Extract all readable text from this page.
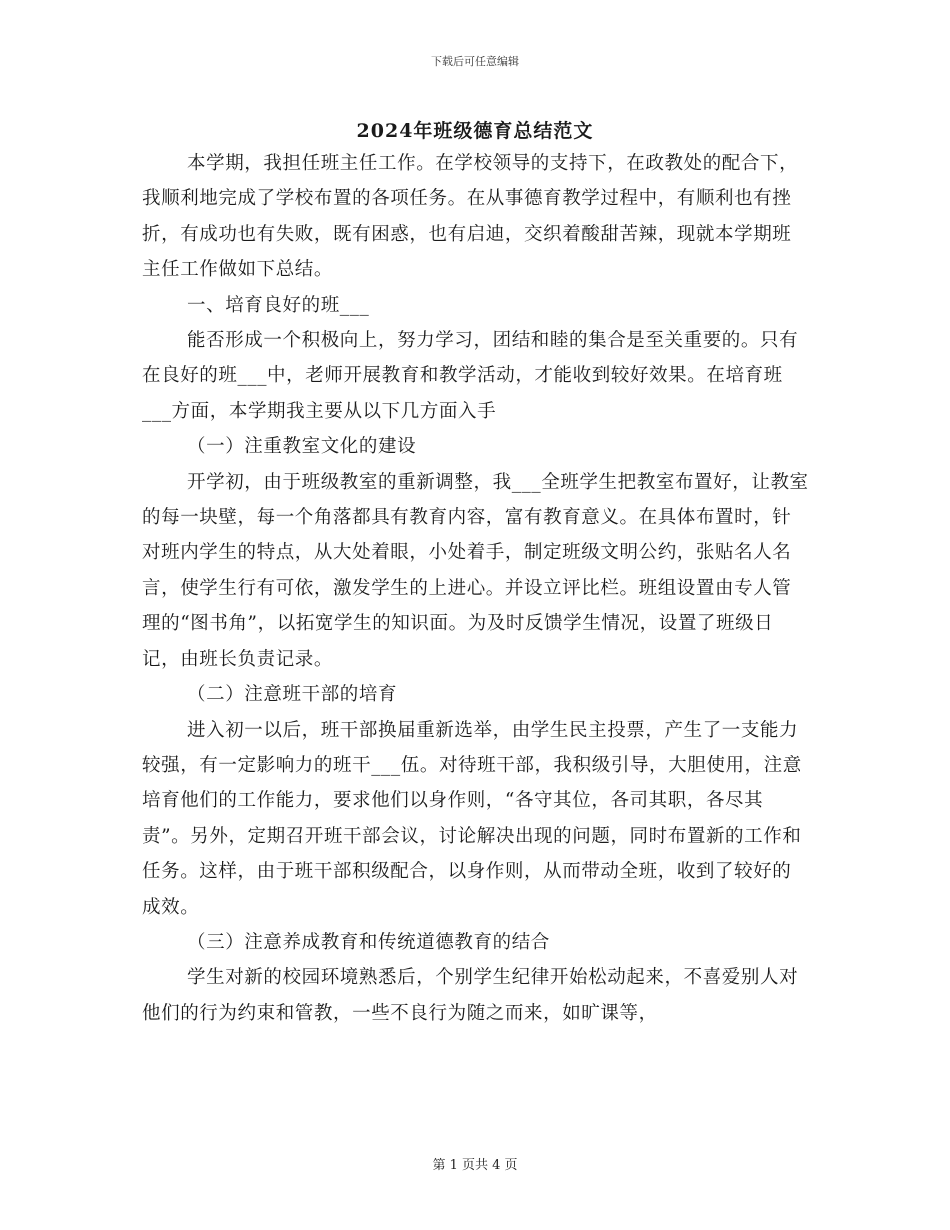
下载后可任意编辑
2024年班级德育总结范文

本学期，我担任班主任工作。在学校领导的支持下，在政教处的配合下，我顺利地完成了学校布置的各项任务。在从事德育教学过程中，有顺利也有挫折，有成功也有失败，既有困惑，也有启迪，交织着酸甜苦辣，现就本学期班主任工作做如下总结。

一、培育良好的班___

能否形成一个积极向上，努力学习，团结和睦的集合是至关重要的。只有在良好的班___中，老师开展教育和教学活动，才能收到较好效果。在培育班___方面，本学期我主要从以下几方面入手

（一）注重教室文化的建设

开学初，由于班级教室的重新调整，我___全班学生把教室布置好，让教室的每一块壁，每一个角落都具有教育内容，富有教育意义。在具体布置时，针对班内学生的特点，从大处着眼，小处着手，制定班级文明公约，张贴名人名言，使学生行有可依，激发学生的上进心。并设立评比栏。班组设置由专人管理的“图书角”，以拓宽学生的知识面。为及时反馈学生情况，设置了班级日记，由班长负责记录。

（二）注意班干部的培育

进入初一以后，班干部换届重新选举，由学生民主投票，产生了一支能力较强，有一定影响力的班干___伍。对待班干部，我积级引导，大胆使用，注意培育他们的工作能力，要求他们以身作则，“各守其位，各司其职，各尽其责”。另外，定期召开班干部会议，讨论解决出现的问题，同时布置新的工作和任务。这样，由于班干部积级配合，以身作则，从而带动全班，收到了较好的成效。

（三）注意养成教育和传统道德教育的结合

学生对新的校园环境熟悉后，个别学生纪律开始松动起来，不喜爱别人对他们的行为约束和管教，一些不良行为随之而来，如旷课等，

第 1 页共 4 页
